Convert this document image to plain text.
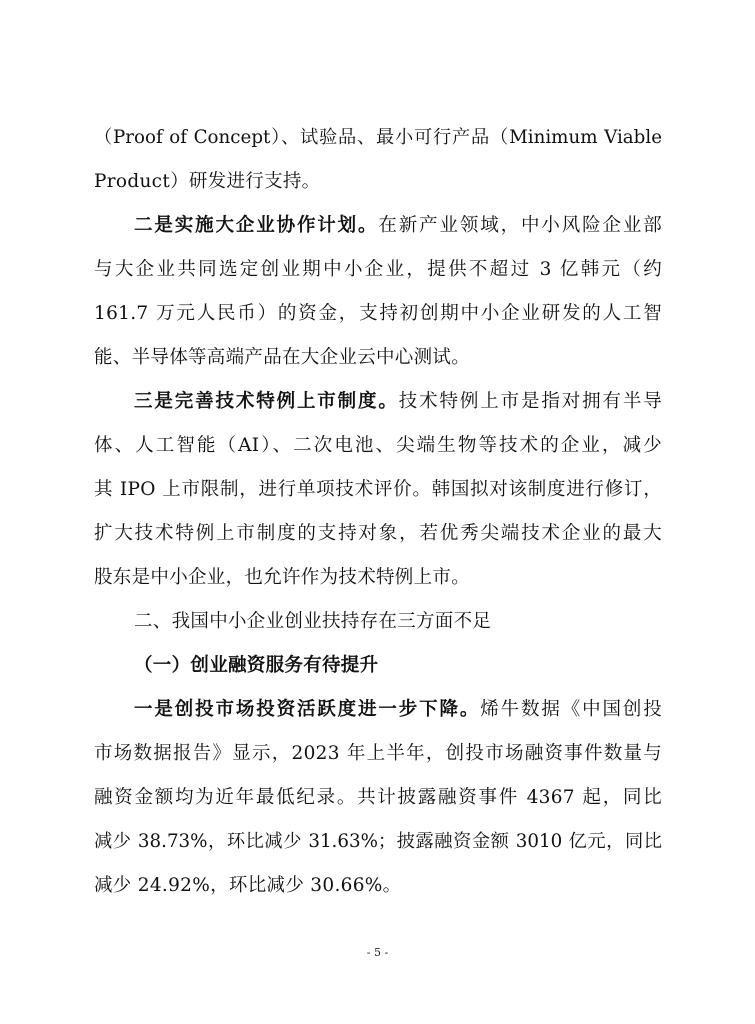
（Proof of Concept）、试验品、最小可行产品（Minimum Viable
Product）研发进行支持。
二是实施大企业协作计划。在新产业领域，中小风险企业部
与大企业共同选定创业期中小企业，提供不超过 3 亿韩元（约
161.7 万元人民币）的资金，支持初创期中小企业研发的人工智
能、半导体等高端产品在大企业云中心测试。
三是完善技术特例上市制度。技术特例上市是指对拥有半导
体、人工智能（AI）、二次电池、尖端生物等技术的企业，减少
其 IPO 上市限制，进行单项技术评价。韩国拟对该制度进行修订，
扩大技术特例上市制度的支持对象，若优秀尖端技术企业的最大
股东是中小企业，也允许作为技术特例上市。
二、我国中小企业创业扶持存在三方面不足
（一）创业融资服务有待提升
一是创投市场投资活跃度进一步下降。烯牛数据《中国创投
市场数据报告》显示，2023 年上半年，创投市场融资事件数量与
融资金额均为近年最低纪录。共计披露融资事件 4367 起，同比
减少 38.73%，环比减少 31.63%；披露融资金额 3010 亿元，同比
减少 24.92%，环比减少 30.66%。
- 5 -
